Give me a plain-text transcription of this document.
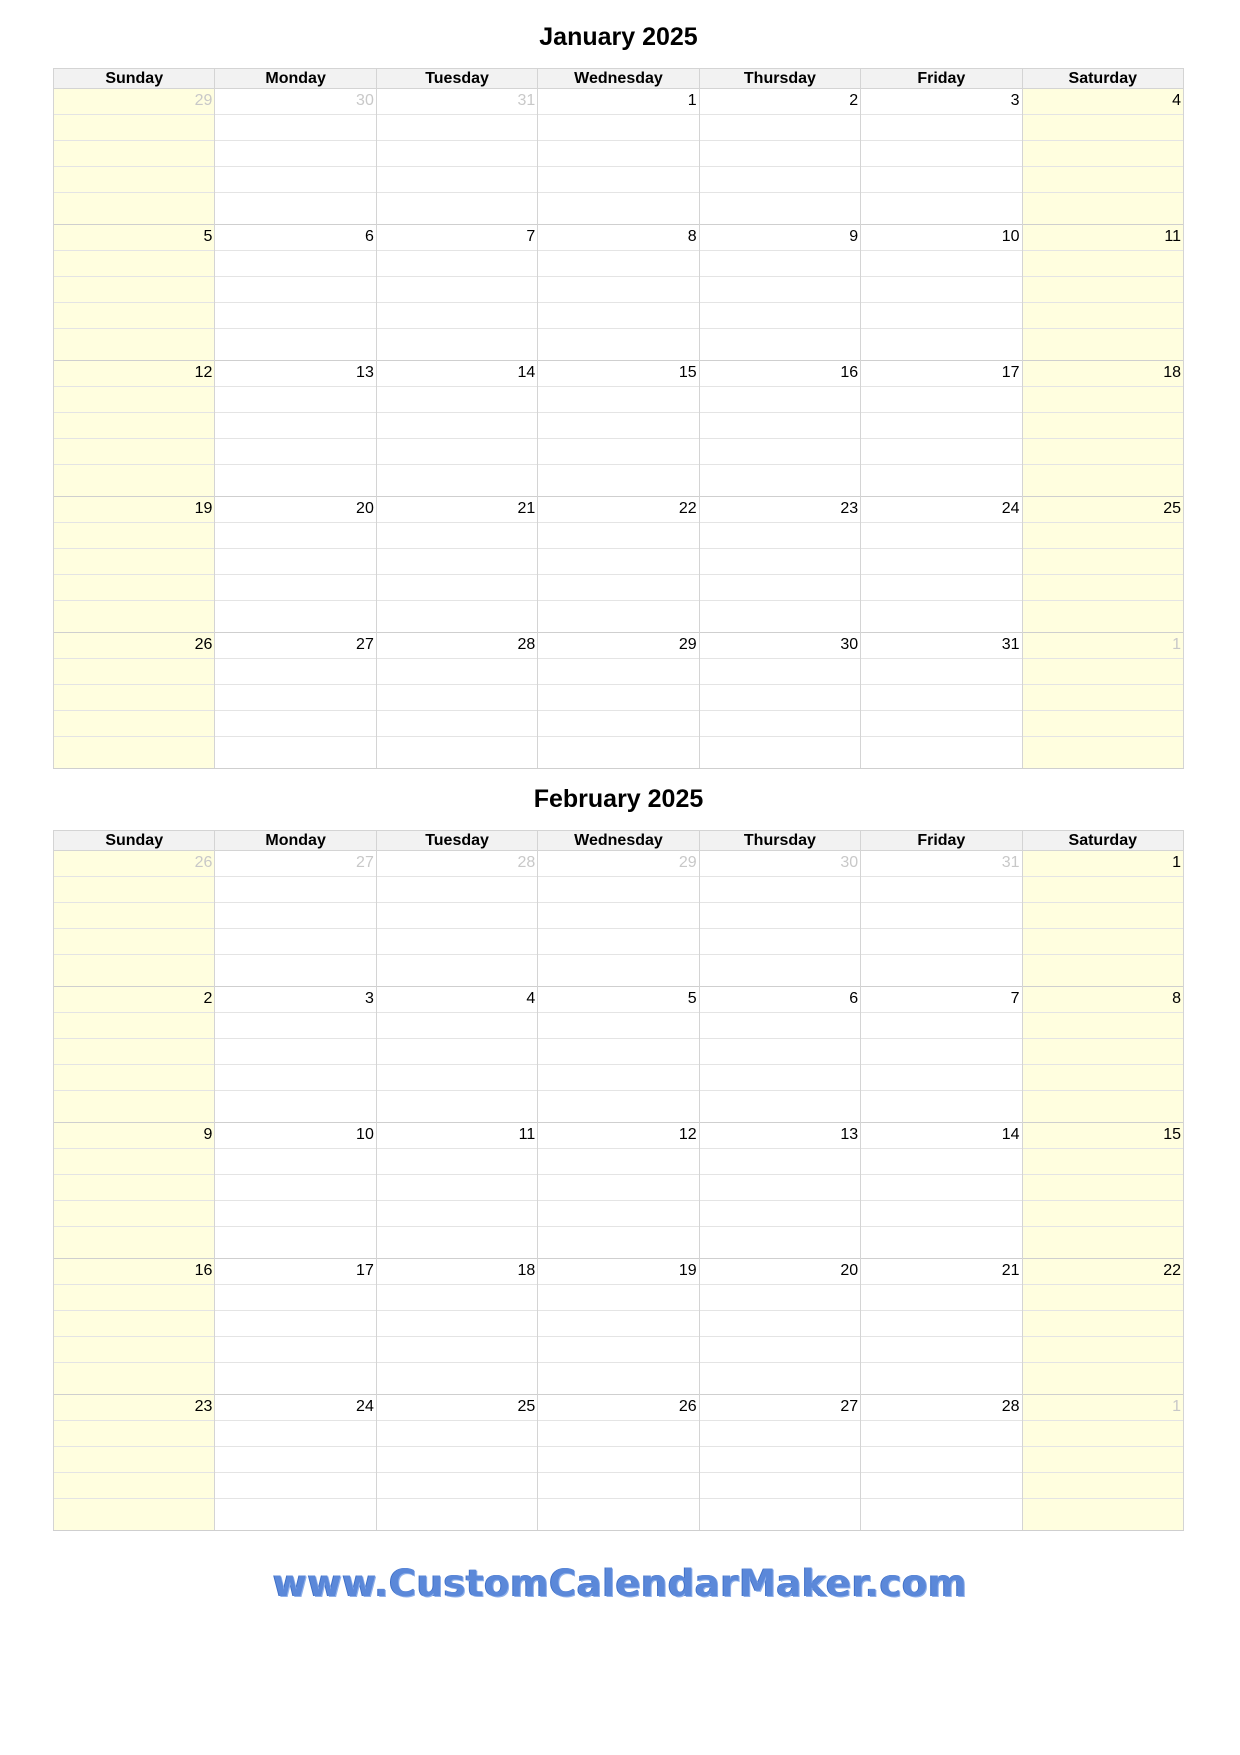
January 2025
Sunday	Monday	Tuesday	Wednesday	Thursday	Friday	Saturday

29	30	31	1	2	3	4

5	6	7	8	9	10	11

12	13	14	15	16	17	18

19	20	21	22	23	24	25

26	27	28	29	30	31	1

February 2025
Sunday	Monday	Tuesday	Wednesday	Thursday	Friday	Saturday

26	27	28	29	30	31	1

2	3	4	5	6	7	8

9	10	11	12	13	14	15

16	17	18	19	20	21	22

23	24	25	26	27	28	1

www.CustomCalendarMaker.com
